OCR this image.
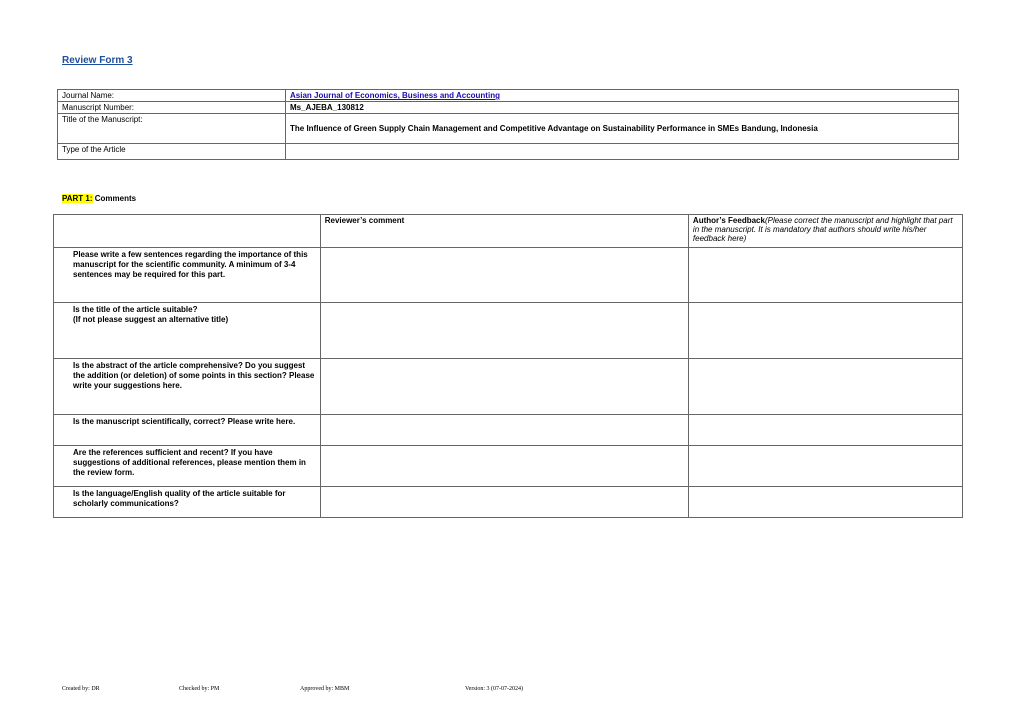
Review Form 3
Journal Name:	Asian Journal of Economics, Business and Accounting
Manuscript Number:	Ms_AJEBA_130812
Title of the Manuscript:	The Influence of Green Supply Chain Management and Competitive Advantage on Sustainability Performance in SMEs Bandung, Indonesia
Type of the Article	
PART 1: Comments
	Reviewer’s comment	Author’s Feedback(Please correct the manuscript and highlight that part in the manuscript. It is mandatory that authors should write his/her feedback here)
Please write a few sentences regarding the importance of this manuscript for the scientific community. A minimum of 3-4 sentences may be required for this part.		
Is the title of the article suitable?
(If not please suggest an alternative title)		
Is the abstract of the article comprehensive? Do you suggest the addition (or deletion) of some points in this section? Please write your suggestions here.		
Is the manuscript scientifically, correct? Please write here.		
Are the references sufficient and recent? If you have suggestions of additional references, please mention them in the review form.		
Is the language/English quality of the article suitable for scholarly communications?		
Created by: DR	Checked by: PM	Approved by: MBM	Version: 3 (07-07-2024)
